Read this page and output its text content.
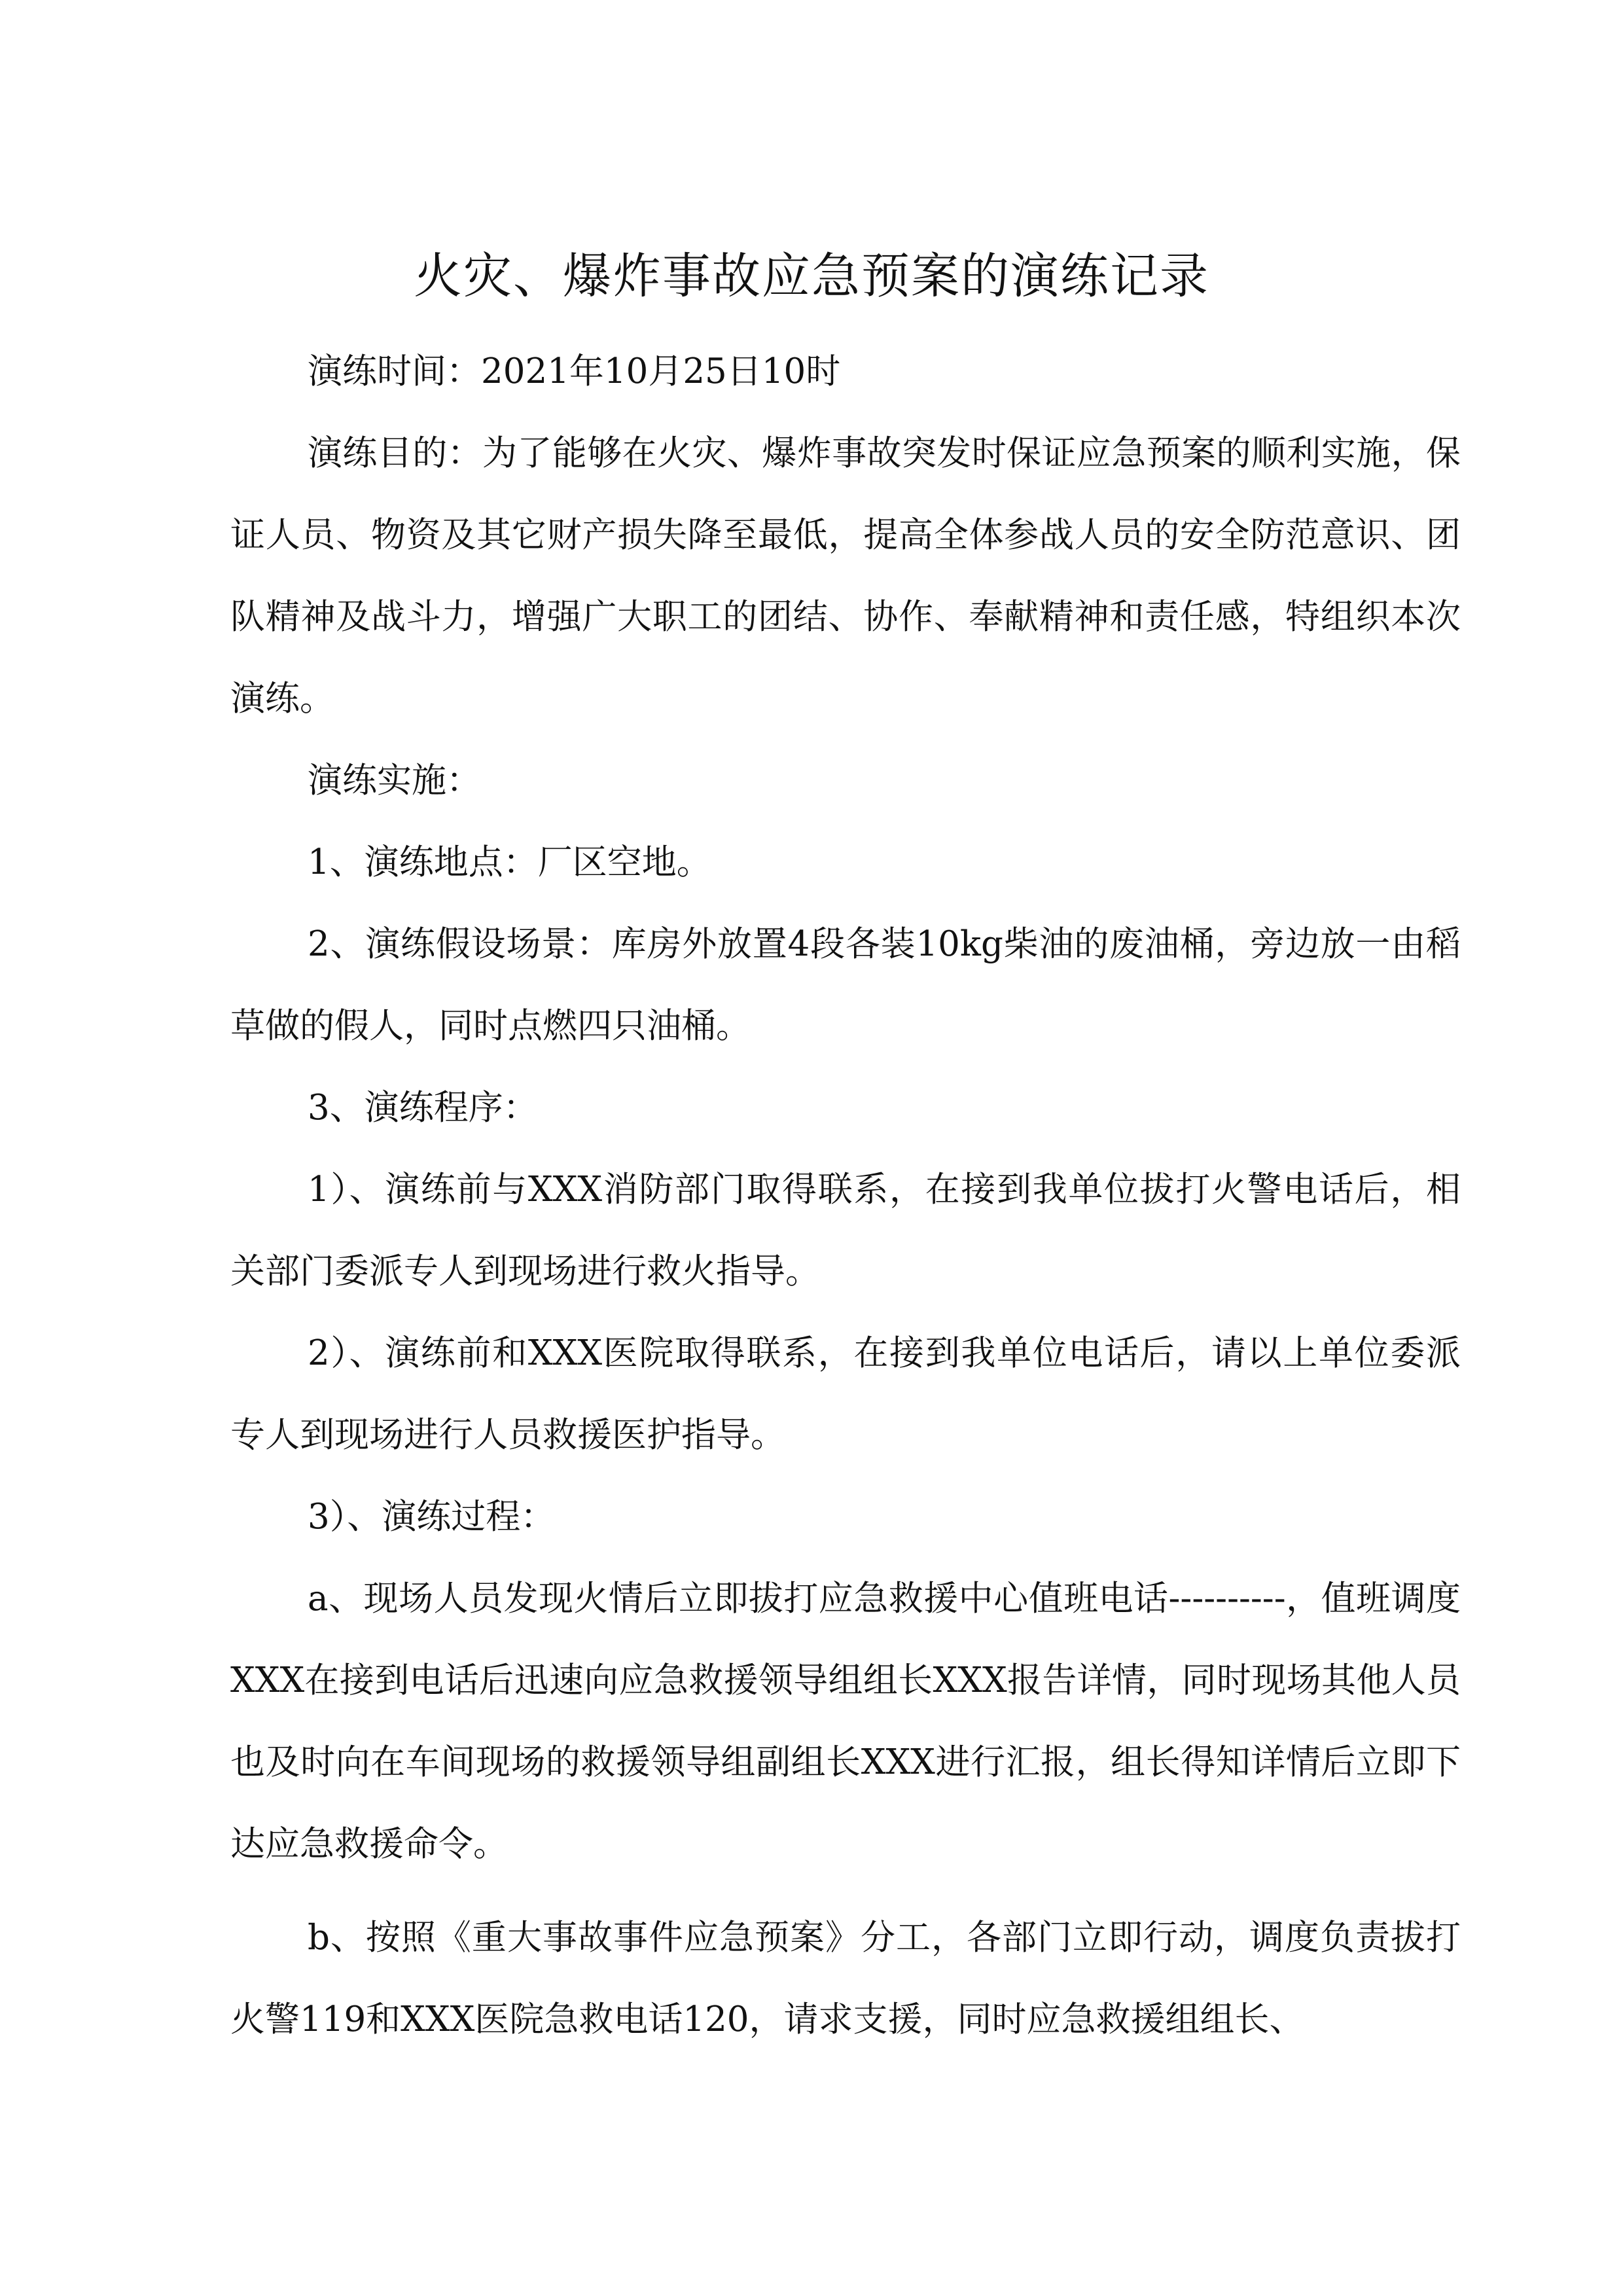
火灾、爆炸事故应急预案的演练记录

演练时间：2021年10月25日10时

演练目的：为了能够在火灾、爆炸事故突发时保证应急预案的顺利实施，保证人员、物资及其它财产损失降至最低，提高全体参战人员的安全防范意识、团队精神及战斗力，增强广大职工的团结、协作、奉献精神和责任感，特组织本次演练。

演练实施：

1、演练地点：厂区空地。

2、演练假设场景：库房外放置4段各装10kg柴油的废油桶，旁边放一由稻草做的假人，同时点燃四只油桶。

3、演练程序：

1）、演练前与XXX消防部门取得联系，在接到我单位拔打火警电话后，相关部门委派专人到现场进行救火指导。

2）、演练前和XXX医院取得联系，在接到我单位电话后，请以上单位委派专人到现场进行人员救援医护指导。

3）、演练过程：

a、现场人员发现火情后立即拔打应急救援中心值班电话----------，值班调度XXX在接到电话后迅速向应急救援领导组组长XXX报告详情，同时现场其他人员也及时向在车间现场的救援领导组副组长XXX进行汇报，组长得知详情后立即下达应急救援命令。

b、按照《重大事故事件应急预案》分工，各部门立即行动，调度负责拔打火警119和XXX医院急救电话120，请求支援，同时应急救援组组长、
